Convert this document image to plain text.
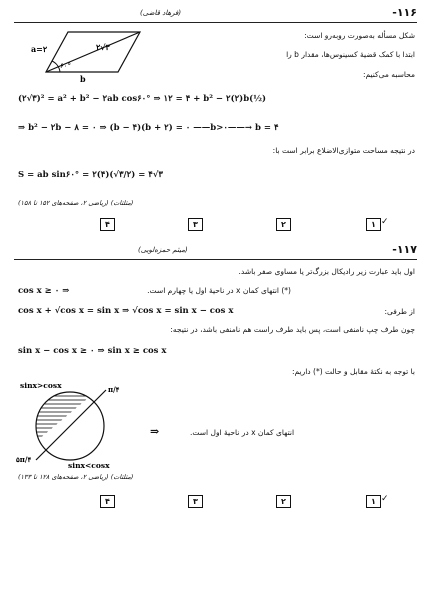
-۱۱۶
(فرهاد قاضی)
شکل مسأله به‌صورت روبه‌رو است:
ابتدا با کمک قضیهٔ کسینوس‌ها، مقدار b را
محاسبه می‌کنیم:
a=۲	۲√۳
۶۰°
b
(۲√۳)² = a² + b² − ۲ab cos۶۰° ⇒ ۱۲ = ۴ + b² − ۲(۲)b(½)
⇒ b² − ۲b − ۸ = ۰ ⇒ (b − ۴)(b + ۲) = ۰ ——b>۰——→ b = ۴
در نتیجه مساحت متوازی‌الاضلاع برابر است با:
S = ab sin۶۰° = ۲(۴)(√۳/۲) = ۴√۳
(مثلثات) (ریاضی ۲، صفحه‌های ۱۵۲ تا ۱۵۸)
۴	۳	۲	۱ ✓
-۱۱۷
(میثم حمزه‌لویی)
اول باید عبارت زیر رادیکال بزرگ‌تر یا مساوی صفر باشد.
(*) انتهای کمان x در ناحیهٔ اول یا چهارم است.
cos x ≥ ۰ ⇒
از طرفی:
cos x + √cos x = sin x ⇒ √cos x = sin x − cos x
چون طرف چپ نامنفی است، پس باید طرف راست هم نامنفی باشد، در نتیجه:
sin x − cos x ≥ ۰ ⇒ sin x ≥ cos x
با توجه به نکتهٔ مقابل و حالت (*) داریم:
sinx>cosx
sinx<cosx
π/۴
۵π/۴
⇒	انتهای کمان x در ناحیهٔ اول است.
(مثلثات) (ریاضی ۲، صفحه‌های ۱۲۸ تا ۱۳۳)
۴	۳	۲	۱ ✓
